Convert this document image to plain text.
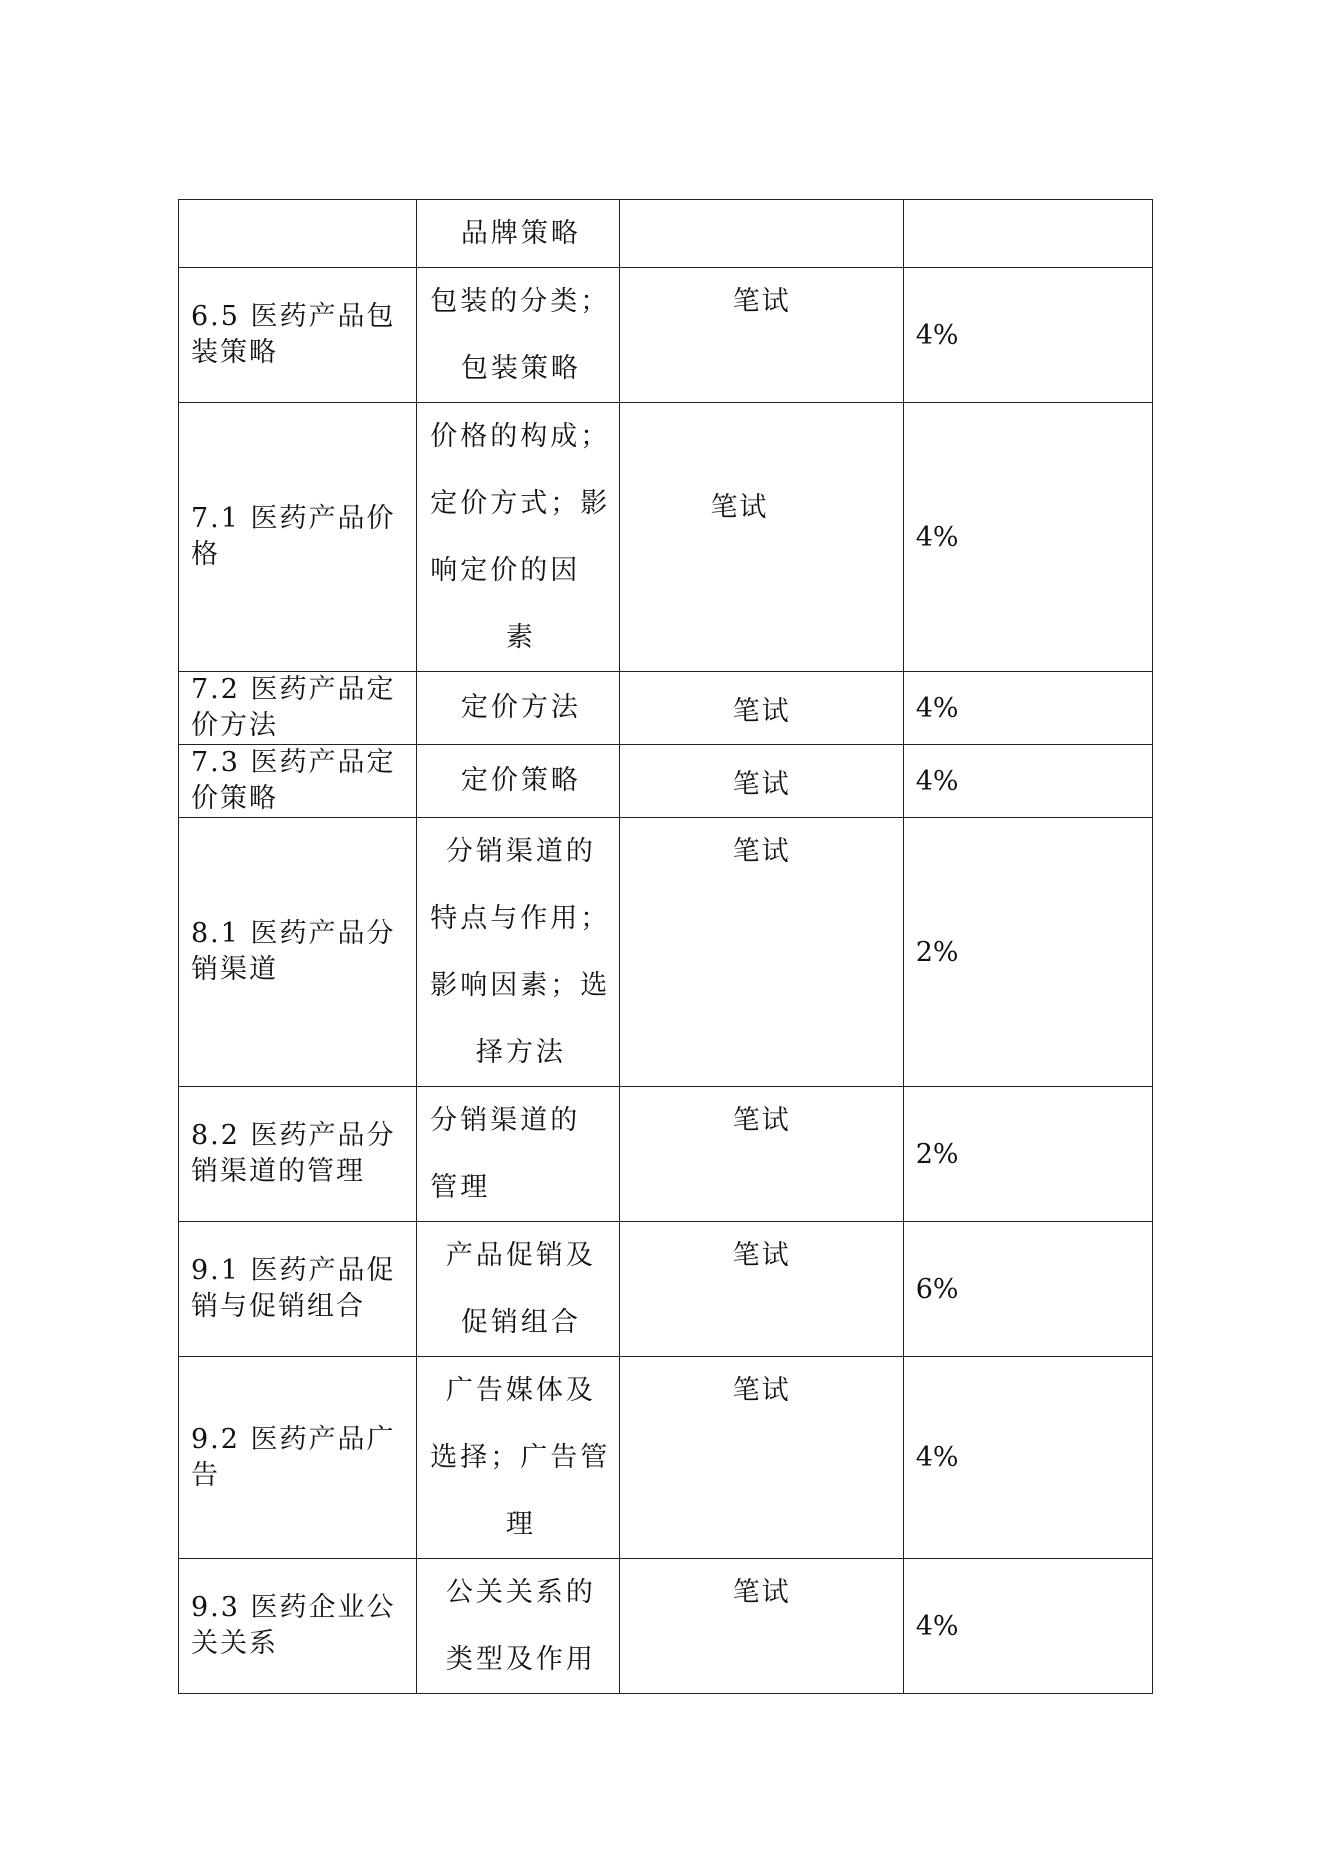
	品牌策略		

6.5 医药产品包装策略	包装的分类；
包装策略	笔试	4%
7.1 医药产品价格	价格的构成；
定价方式；影
响定价的因
素	笔试	4%
7.2 医药产品定价方法	定价方法	笔试	4%
7.3 医药产品定价策略	定价策略	笔试	4%
8.1 医药产品分销渠道	分销渠道的
特点与作用；
影响因素；选
择方法	笔试	2%
8.2 医药产品分销渠道的管理	分销渠道的
管理	笔试	2%
9.1 医药产品促销与促销组合	产品促销及
促销组合	笔试	6%
9.2 医药产品广告	广告媒体及
选择；广告管
理	笔试	4%
9.3 医药企业公关关系	公关关系的
类型及作用	笔试	4%
